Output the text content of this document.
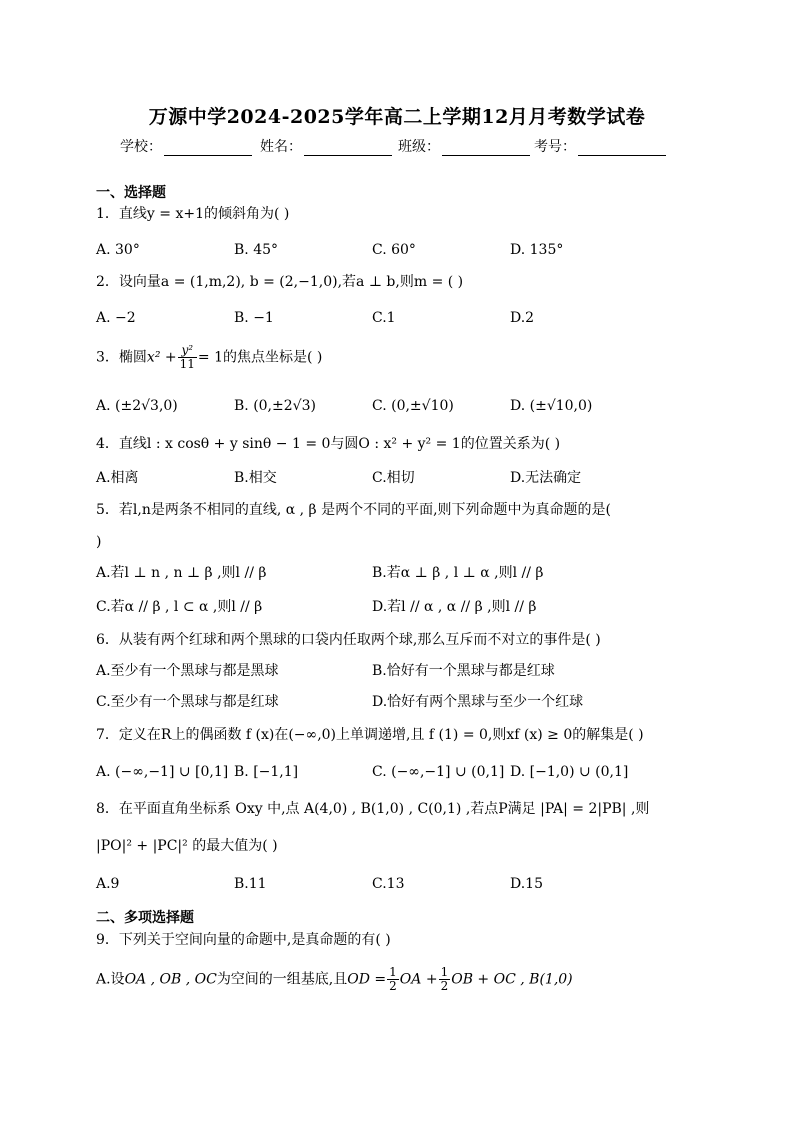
万源中学2024-2025学年高二上学期12月月考数学试卷
学校：	姓名：	班级：	考号：
一、选择题
1．直线y = x+1的倾斜角为( )
A. 30°	B. 45°	C. 60°	D. 135°
2．设向量a = (1,m,2), b = (2,−1,0),若a ⊥ b,则m = ( )
A. −2	B. −1	C.1	D.2
3．椭圆$x^2 + \frac{\text{y²}}{11} = 1$的焦点坐标是( )
A. (±2√3,0)	B. (0,±2√3)	C. (0,±√10)	D. (±√10,0)
4．直线l : x cosθ + y sinθ − 1 = 0与圆O : x² + y² = 1的位置关系为( )
A.相离	B.相交	C.相切	D.无法确定
5．若l,n是两条不相同的直线, α , β 是两个不同的平面,则下列命题中为真命题的是(
)
A.若l ⊥ n , n ⊥ β ,则l // β	B.若α ⊥ β , l ⊥ α ,则l // β
C.若α // β , l ⊂ α ,则l // β	D.若l // α , α // β ,则l // β
6．从装有两个红球和两个黑球的口袋内任取两个球,那么互斥而不对立的事件是( )
A.至少有一个黑球与都是黑球	B.恰好有一个黑球与都是红球
C.至少有一个黑球与都是红球	D.恰好有两个黑球与至少一个红球
7．定义在R上的偶函数 f (x)在(−∞,0)上单调递增,且 f (1) = 0,则xf (x) ≥ 0的解集是( )
A. (−∞,−1] ∪ [0,1] B. [−1,1]	C. (−∞,−1] ∪ (0,1] D. [−1,0) ∪ (0,1]
8．在平面直角坐标系 Oxy 中,点 A(4,0) , B(1,0) , C(0,1) ,若点P满足 |PA| = 2|PB| ,则
|PO|² + |PC|² 的最大值为( )
A.9	B.11	C.13	D.15
二、多项选择题
9．下列关于空间向量的命题中,是真命题的有( )
A.设OA , OB , OC为空间的一组基底,且OD = $\frac{1}{2}$ OA + $\frac{1}{2}$ OB + OC , B(1,0)
